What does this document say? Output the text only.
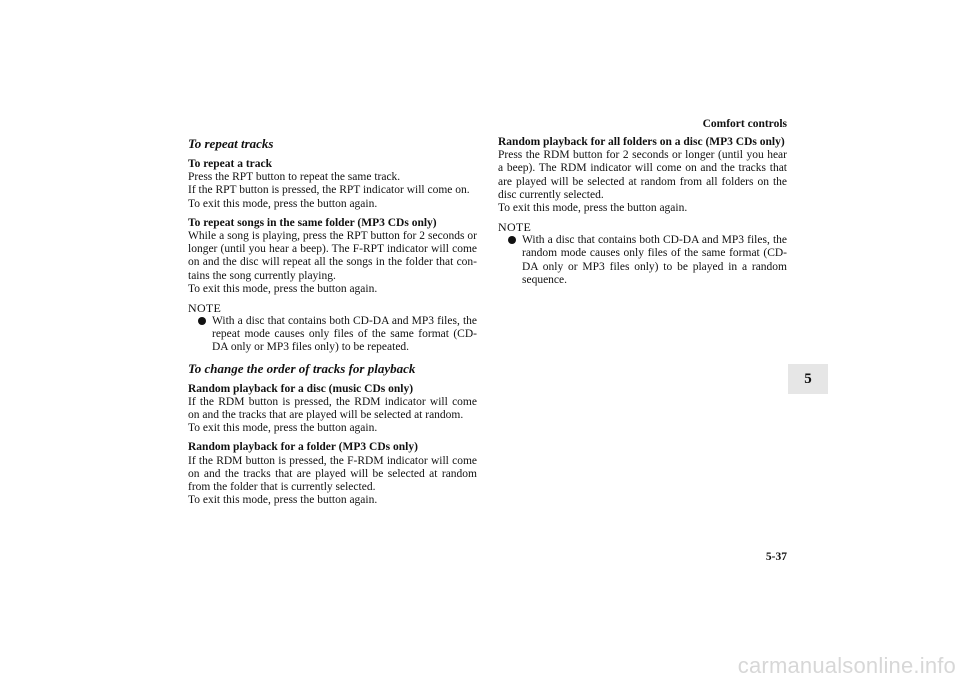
Comfort controls
To repeat tracks

To repeat a track

Press the RPT button to repeat the same track.

If the RPT button is pressed, the RPT indicator will come on.

To exit this mode, press the button again.

To repeat songs in the same folder (MP3 CDs only)

While a song is playing, press the RPT button for 2 seconds or longer (until you hear a beep). The F-RPT indicator will come on and the disc will repeat all the songs in the folder that con-tains the song currently playing.

To exit this mode, press the button again.

NOTE

With a disc that contains both CD-DA and MP3 files, the repeat mode causes only files of the same format (CD-DA only or MP3 files only) to be repeated.

To change the order of tracks for playback

Random playback for a disc (music CDs only)

If the RDM button is pressed, the RDM indicator will come on and the tracks that are played will be selected at random.

To exit this mode, press the button again.

Random playback for a folder (MP3 CDs only)

If the RDM button is pressed, the F-RDM indicator will come on and the tracks that are played will be selected at random from the folder that is currently selected.

To exit this mode, press the button again.

Random playback for all folders on a disc (MP3 CDs only)

Press the RDM button for 2 seconds or longer (until you hear a beep). The RDM indicator will come on and the tracks that are played will be selected at random from all folders on the disc currently selected.

To exit this mode, press the button again.

NOTE

With a disc that contains both CD-DA and MP3 files, the random mode causes only files of the same format (CD-DA only or MP3 files only) to be played in a random sequence.

5
5-37
carmanualsonline.info
